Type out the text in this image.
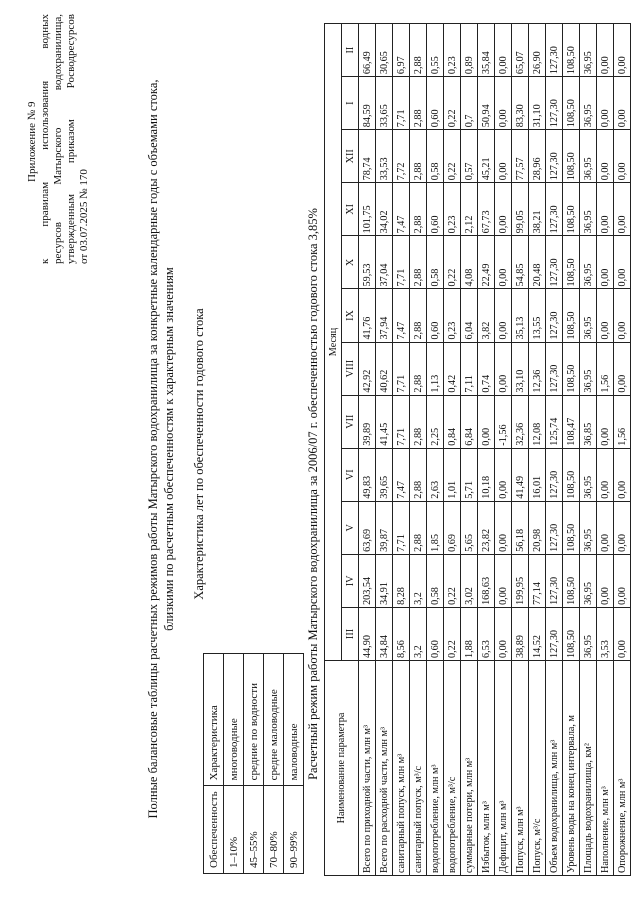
Приложение № 9 к правилам использования водных ресурсов Матырского водохранилища, утвержденным приказом Росводресурсов от 03.07.2025 № 170	Полные балансовые таблицы расчетных режимов работы Матырского водохранилища за конкретные календарные годы с объемами стока, близкими по расчетным обеспеченностям к характерным значениям Характеристика лет по обеспеченности годового стока
Обеспеченность	Характеристика
1–10%	многоводные
45–55%	средние по водности
70–80%	средне маловодные
90–99%	маловодные Расчетный режим работы Матырского водохранилища за 2006/07 г. обеспеченностью годового стока 3,85% Наименование параметра	Месяц											
	III	IV	V	VI	VII	VIII	IX	X	XI	XII	I	II
Всего по приходной части, млн м³	44,90	203,54	63,69	49,83	39,89	42,92	41,76	59,53	101,75	78,74	84,59	66,49
Всего по расходной части, млн м³	34,84	34,91	39,87	39,65	41,45	40,62	37,94	37,04	34,02	33,53	33,65	30,65
санитарный попуск, млн м³	8,56	8,28	7,71	7,47	7,71	7,71	7,47	7,71	7,47	7,72	7,71	6,97
санитарный попуск, м³/с	3,2	3,2	2,88	2,88	2,88	2,88	2,88	2,88	2,88	2,88	2,88	2,88
водопотребление, млн м³	0,60	0,58	1,85	2,63	2,25	1,13	0,60	0,58	0,60	0,58	0,60	0,55
водопотребление, м³/с	0,22	0,22	0,69	1,01	0,84	0,42	0,23	0,22	0,23	0,22	0,22	0,23
суммарные потери, млн м³	1,88	3,02	5,65	5,71	6,84	7,11	6,04	4,08	2,12	0,57	0,7	0,89
Избыток, млн м³	6,53	168,63	23,82	10,18	0,00	0,74	3,82	22,49	67,73	45,21	50,94	35,84
Дефицит, млн м³	0,00	0,00	0,00	0,00	-1,56	0,00	0,00	0,00	0,00	0,00	0,00	0,00
Попуск, млн м³	38,89	199,95	56,18	41,49	32,36	33,10	35,13	54,85	99,05	77,57	83,30	65,07
Попуск, м³/с	14,52	77,14	20,98	16,01	12,08	12,36	13,55	20,48	38,21	28,96	31,10	26,90
Объем водохранилища, млн м³	127,30	127,30	127,30	127,30	125,74	127,30	127,30	127,30	127,30	127,30	127,30	127,30
Уровень воды на конец интервала, м	108,50	108,50	108,50	108,50	108,47	108,50	108,50	108,50	108,50	108,50	108,50	108,50
Площадь водохранилища, км²	36,95	36,95	36,95	36,95	36,85	36,95	36,95	36,95	36,95	36,95	36,95	36,95
Наполнение, млн м³	3,53	0,00	0,00	0,00	0,00	1,56	0,00	0,00	0,00	0,00	0,00	0,00
Опорожнение, млн м³	0,00	0,00	0,00	0,00	1,56	0,00	0,00	0,00	0,00	0,00	0,00	0,00
